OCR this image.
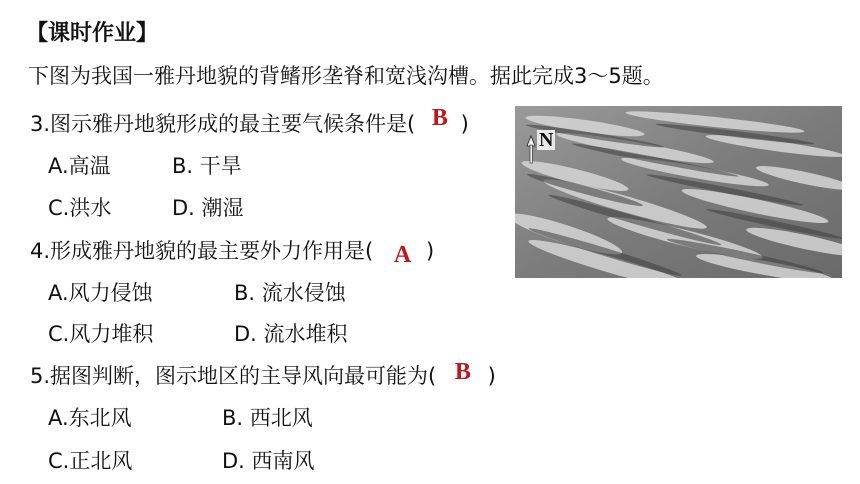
【课时作业】
下图为我国一雅丹地貌的背鳍形垄脊和宽浅沟槽。据此完成3～5题。
3.图示雅丹地貌形成的最主要气候条件是( B )
A.高温	B. 干旱
C.洪水	D. 潮湿
4.形成雅丹地貌的最主要外力作用是( A )
A.风力侵蚀	B. 流水侵蚀
C.风力堆积	D. 流水堆积
5.据图判断，图示地区的主导风向最可能为( B )
A.东北风	B. 西北风
C.正北风	D. 西南风
N
